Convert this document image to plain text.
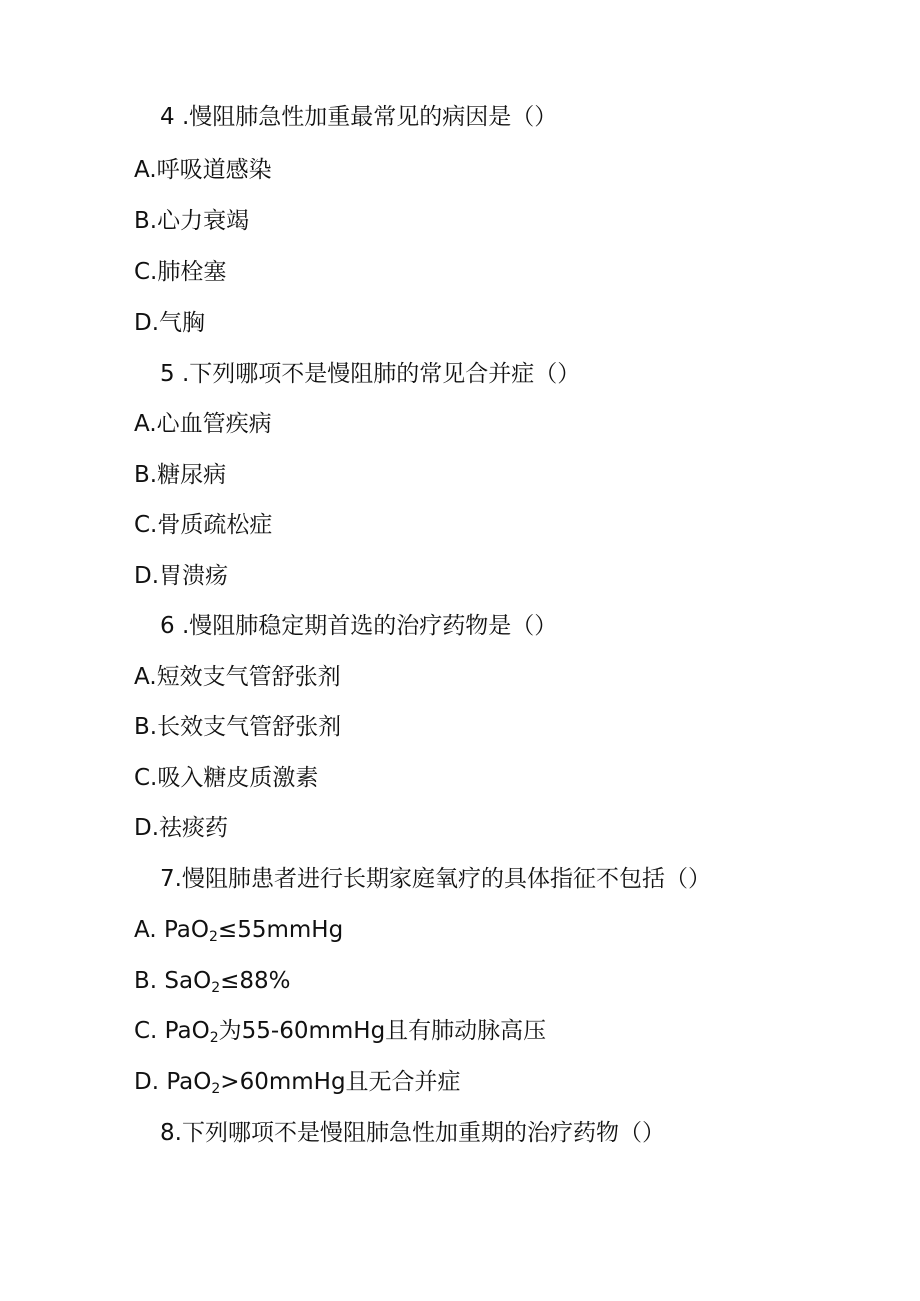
4 .慢阻肺急性加重最常见的病因是（）
A.呼吸道感染
B.心力衰竭
C.肺栓塞
D.气胸
5 .下列哪项不是慢阻肺的常见合并症（）
A.心血管疾病
B.糖尿病
C.骨质疏松症
D.胃溃疡
6 .慢阻肺稳定期首选的治疗药物是（）
A.短效支气管舒张剂
B.长效支气管舒张剂
C.吸入糖皮质激素
D.祛痰药
7.慢阻肺患者进行长期家庭氧疗的具体指征不包括（）
A. PaO$_2$≤55mmHg
B. SaO$_2$≤88%
C. PaO$_2$为55-60mmHg且有肺动脉高压
D. PaO$_2$>60mmHg且无合并症
8.下列哪项不是慢阻肺急性加重期的治疗药物（）
